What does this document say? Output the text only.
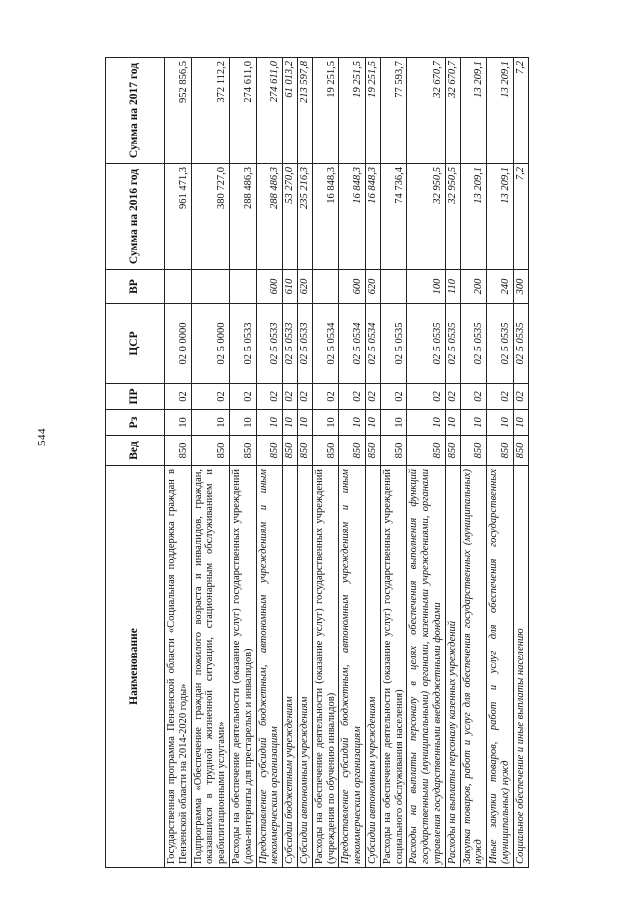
544
Наименование	Вед	Рз	ПР	ЦСР	ВР	Сумма на 2016 год	Сумма на 2017 год
Государственная программа Пензенской области «Социальная поддержка граждан в Пензенской области на 2014-2020 годы»	850	10	02	02 0 0000		961 471,3	952 856,5
Подпрограмма «Обеспечение граждан пожилого возраста и инвалидов, граждан, оказавшихся в трудной жизненной ситуации, стационарным обслуживанием и реабилитационными услугами»	850	10	02	02 5 0000		380 727,0	372 112,2
Расходы на обеспечение деятельности (оказание услуг) государственных учреждений (дома-интернаты для престарелых и инвалидов)	850	10	02	02 5 0533		288 486,3	274 611,0
Предоставление субсидий бюджетным, автономным учреждениям и иным некоммерческим организациям	850	10	02	02 5 0533	600	288 486,3	274 611,0
Субсидии бюджетным учреждениям	850	10	02	02 5 0533	610	53 270,0	61 013,2
Субсидии автономным учреждениям	850	10	02	02 5 0533	620	235 216,3	213 597,8
Расходы на обеспечение деятельности (оказание услуг) государственных учреждений (учреждения по обучению инвалидов)	850	10	02	02 5 0534		16 848,3	19 251,5
Предоставление субсидий бюджетным, автономным учреждениям и иным некоммерческим организациям	850	10	02	02 5 0534	600	16 848,3	19 251,5
Субсидии автономным учреждениям	850	10	02	02 5 0534	620	16 848,3	19 251,5
Расходы на обеспечение деятельности (оказание услуг) государственных учреждений социального обслуживания населения)	850	10	02	02 5 0535		74 736,4	77 593,7
Расходы на выплаты персоналу в целях обеспечения выполнения функций государственными (муниципальными) органами, казенными учреждениями, органами управления государственными внебюджетными фондами	850	10	02	02 5 0535	100	32 950,5	32 670,7
Расходы на выплаты персоналу казенных учреждений	850	10	02	02 5 0535	110	32 950,5	32 670,7
Закупка товаров, работ и услуг для обеспечения государственных (муниципальных) нужд	850	10	02	02 5 0535	200	13 209,1	13 209,1
Иные закупки товаров, работ и услуг для обеспечения государственных (муниципальных) нужд	850	10	02	02 5 0535	240	13 209,1	13 209,1
Социальное обеспечение и иные выплаты населению	850	10	02	02 5 0535	300	7,2	7,2
